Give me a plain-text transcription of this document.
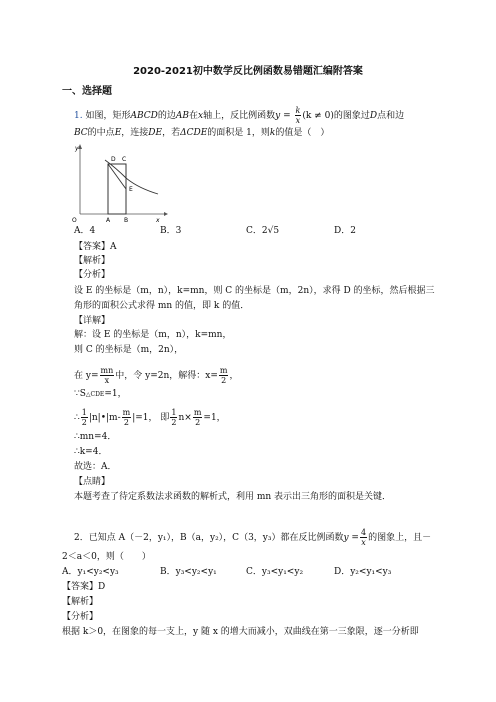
2020-2021初中数学反比例函数易错题汇编附答案
一、选择题
1. 如图，矩形ABCD的边AB在x轴上，反比例函数$y = \frac{k}{x} (k \ne 0)$的图象过D点和边
BC的中点E，连接DE，若ΔCDE的面积是 1，则k的值是（　）
y
x
O	A B
C
D
E
A．4	B．3	C．2√5	D．2
【答案】A
【解析】
【分析】
设 E 的坐标是（m，n），k=mn，则 C 的坐标是（m，2n），求得 D 的坐标，然后根据三
角形的面积公式求得 mn 的值，即 k 的值．
【详解】
解：设 E 的坐标是（m，n），k=mn，
则 C 的坐标是（m，2n），
在 $y= \frac{mn}{x}$ 中，令 y=2n，解得：$x= \frac{m}{2}$ ，
∵S△CDE=1，
∴ $\frac{1}{2}$ |n|•|m- $\frac{m}{2} |=1$， 即 $\frac{1}{2} n\times \frac{m}{2} =1$，
∴mn=4．
∴k=4．
故选：A．
【点睛】
本题考查了待定系数法求函数的解析式，利用 mn 表示出三角形的面积是关键．
2．已知点 A（－2，y₁），B（a，y₂），C（3，y₃）都在反比例函数$y = \frac{4}{x}$ 的图象上，且－
2＜a＜0，则（　　）
A．y₁<y₂<y₃	B．y₃<y₂<y₁	C．y₃<y₁<y₂	D．y₂<y₁<y₃
【答案】D
【解析】
【分析】
根据 k＞0，在图象的每一支上，y 随 x 的增大而减小，双曲线在第一三象限，逐一分析即
